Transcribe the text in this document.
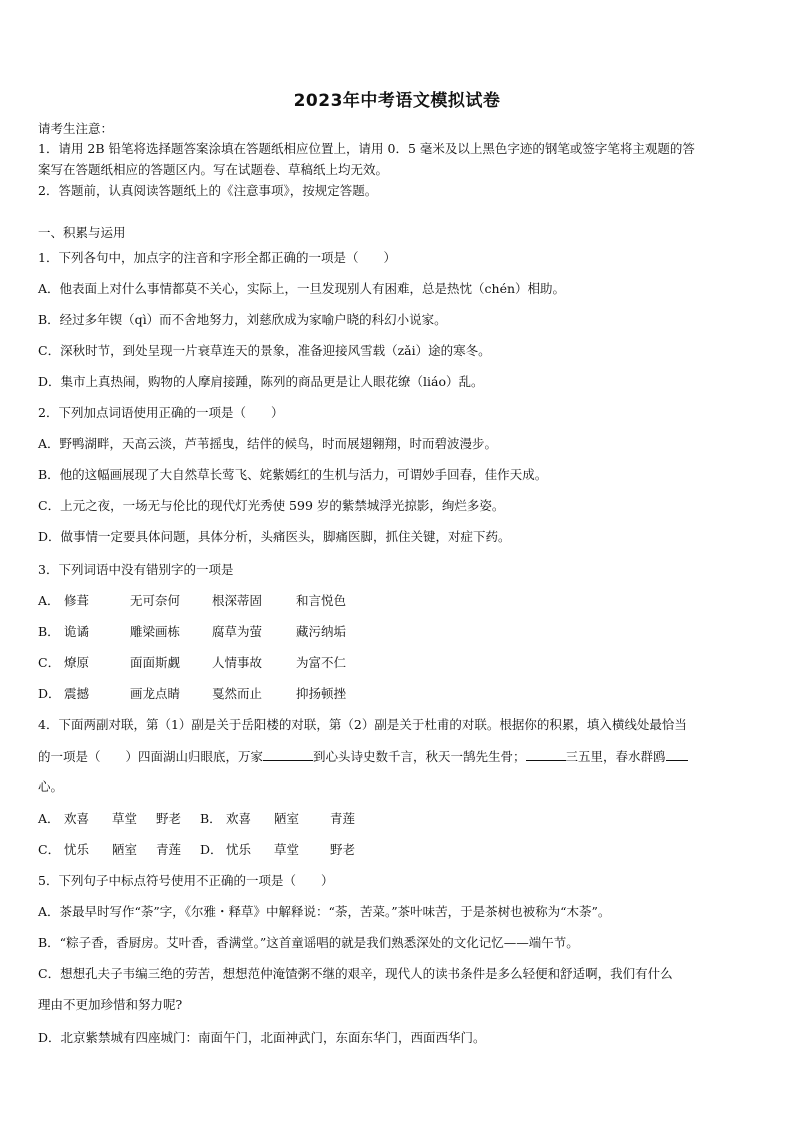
2023年中考语文模拟试卷
请考生注意：
1．请用 2B 铅笔将选择题答案涂填在答题纸相应位置上，请用 0．5 毫米及以上黑色字迹的钢笔或签字笔将主观题的答
案写在答题纸相应的答题区内。写在试题卷、草稿纸上均无效。
2．答题前，认真阅读答题纸上的《注意事项》，按规定答题。
一、积累与运用
1．下列各句中，加点字的注音和字形全都正确的一项是（　　）
A．他表面上对什么事情都莫不关心，实际上，一旦发现别人有困难，总是热忱（chén）相助。
B．经过多年锲（qì）而不舍地努力，刘慈欣成为家喻户晓的科幻小说家。
C．深秋时节，到处呈现一片衰草连天的景象，准备迎接风雪载（zǎi）途的寒冬。
D．集市上真热闹，购物的人摩肩接踵，陈列的商品更是让人眼花缭（liáo）乱。
2．下列加点词语使用正确的一项是（　　）
A．野鸭湖畔，天高云淡，芦苇摇曳，结伴的候鸟，时而展翅翱翔，时而碧波漫步。
B．他的这幅画展现了大自然草长莺飞、姹紫嫣红的生机与活力，可谓妙手回春，佳作天成。
C．上元之夜，一场无与伦比的现代灯光秀使 599 岁的紫禁城浮光掠影，绚烂多姿。
D．做事情一定要具体问题，具体分析，头痛医头，脚痛医脚，抓住关键，对症下药。
3．下列词语中没有错别字的一项是
A． 修葺	无可奈何	根深蒂固	和言悦色
B． 诡谲	雕梁画栋	腐草为萤	藏污纳垢
C． 燎原	面面斯觑	人情事故	为富不仁
D． 震撼	画龙点睛	戛然而止	抑扬顿挫
4．下面两副对联，第（1）副是关于岳阳楼的对联，第（2）副是关于杜甫的对联。根据你的积累，填入横线处最恰当
的一项是（　　）四面湖山归眼底，万家	到心头诗史数千言，秋天一鹄先生骨；	三五里，春水群鸥
心。
A． 欢喜 草堂 野老 B． 欢喜 陋室 青莲
C． 忧乐 陋室 青莲 D． 忧乐 草堂 野老
5．下列句子中标点符号使用不正确的一项是（　　）
A．茶最早时写作“荼”字，《尔雅・释草》中解释说：“荼，苦菜。”茶叶味苦，于是茶树也被称为“木荼”。
B．“粽子香，香厨房。艾叶香，香满堂。”这首童谣唱的就是我们熟悉深处的文化记忆——端午节。
C．想想孔夫子韦编三绝的劳苦，想想范仲淹馇粥不继的艰辛，现代人的读书条件是多么轻便和舒适啊，我们有什么
理由不更加珍惜和努力呢?
D．北京紫禁城有四座城门：南面午门，北面神武门，东面东华门，西面西华门。
